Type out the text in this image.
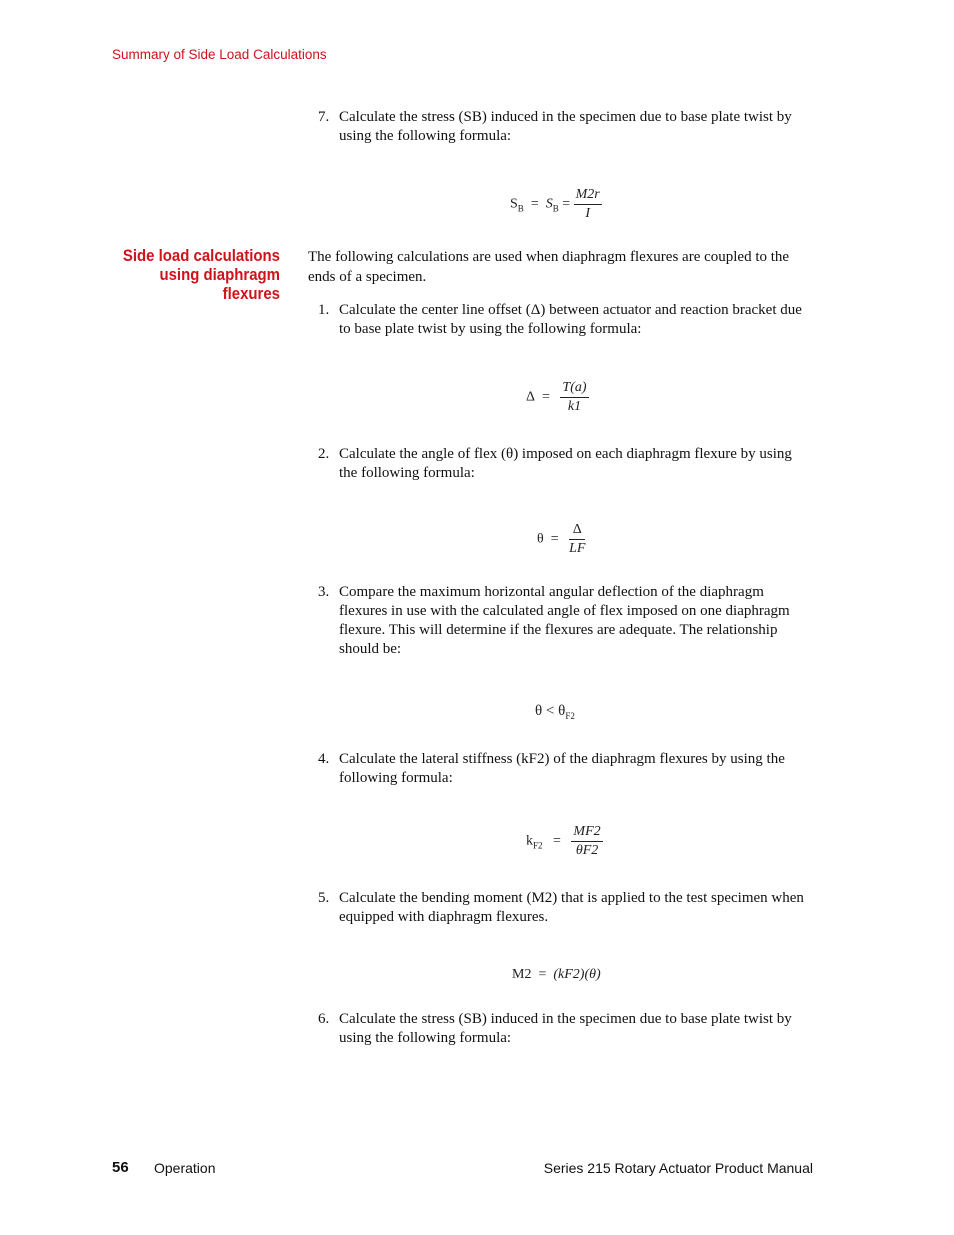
Summary of Side Load Calculations
7. Calculate the stress (SB) induced in the specimen due to base plate twist by using the following formula:
$S_B = S_B = \frac{M2r}{I}$
Side load calculations
using diaphragm
flexures
The following calculations are used when diaphragm flexures are coupled to the ends of a specimen.
1. Calculate the center line offset (Δ) between actuator and reaction bracket due to base plate twist by using the following formula:
$\Delta = \frac{T(a)}{k1}$
2. Calculate the angle of flex (θ) imposed on each diaphragm flexure by using the following formula:
$\theta = \frac{\Delta}{LF}$
3. Compare the maximum horizontal angular deflection of the diaphragm flexures in use with the calculated angle of flex imposed on one diaphragm flexure. This will determine if the flexures are adequate. The relationship should be:
$\theta < \theta_{F2}$
4. Calculate the lateral stiffness (kF2) of the diaphragm flexures by using the following formula:
$k_{F2} = \frac{MF2}{\theta F2}$
5. Calculate the bending moment (M2) that is applied to the test specimen when equipped with diaphragm flexures.
M2 = (kF2)(θ)
6. Calculate the stress (SB) induced in the specimen due to base plate twist by using the following formula:
56 Operation	Series 215 Rotary Actuator Product Manual
